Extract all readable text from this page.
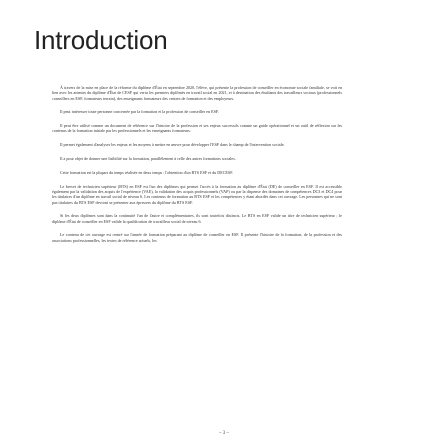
Introduction

À travers de la mise en place de la réforme du diplôme d'État en septembre 2020, l'élève, qui présente la profession de conseiller en économie sociale familiale, se voit en lien avec les attentes du diplôme d'État de CESF qui vertu les premiers diplômés en travail social en 2021, et à destination des étudiants des travailleurs sociaux (professionnels conseillers en ESF, formateurs terrain), des enseignants formateurs des centres de formation et des employeurs.

Il peut intéresser toute personne concernée par la formation et la profession de conseiller en ESF.

Il peut être utilisé comme un document de référence sur l'histoire de la profession et ses enjeux successifs comme un guide opérationnel et un outil de réflexion sur les contenus de la formation initiale par les professionnels et les enseignants formateurs.

Il permet également d'analyser les enjeux et les moyens à mettre en œuvre pour développer l'ESF dans le champ de l'intervention sociale.

Il a pour objet de donner une lisibilité sur la formation, parallèlement à celle des autres formations sociales.

Cette formation est la plupart du temps réalisée en deux temps : l'obtention d'un BTS ESF et du DECESF.

Le brevet de technicien supérieur (BTS) en ESF est l'un des diplômes qui permet l'accès à la formation au diplôme d'État (DE) de conseiller en ESF. Il est accessible également par la validation des acquis de l'expérience (VAE), la validation des acquis professionnels (VAP) ou par la dispense des domaines de compétences DC3 et DC4 pour les titulaires d'un diplôme en travail social de niveau 6. Les contenus de formation au BTS ESF et les compétences y étant abordés dans cet ouvrage. Les personnes qui ne sont pas titulaires du BTS ESF devront se présenter aux épreuves du diplôme du BTS ESF.

Si les deux diplômes sont dans la continuité l'un de l'autre et complémentaires, ils sont toutefois distincts. Le BTS en ESF valide un titre de technicien supérieur ; le diplôme d'État de conseiller en ESF valide la qualification de travailleur social de niveau 6.

Le contenu de cet ouvrage est centré sur l'année de formation préparant au diplôme de conseiller en ESF. Il présente l'histoire de la formation, de la profession et des associations professionnelles, les textes de référence actuels, les

– 3 –
